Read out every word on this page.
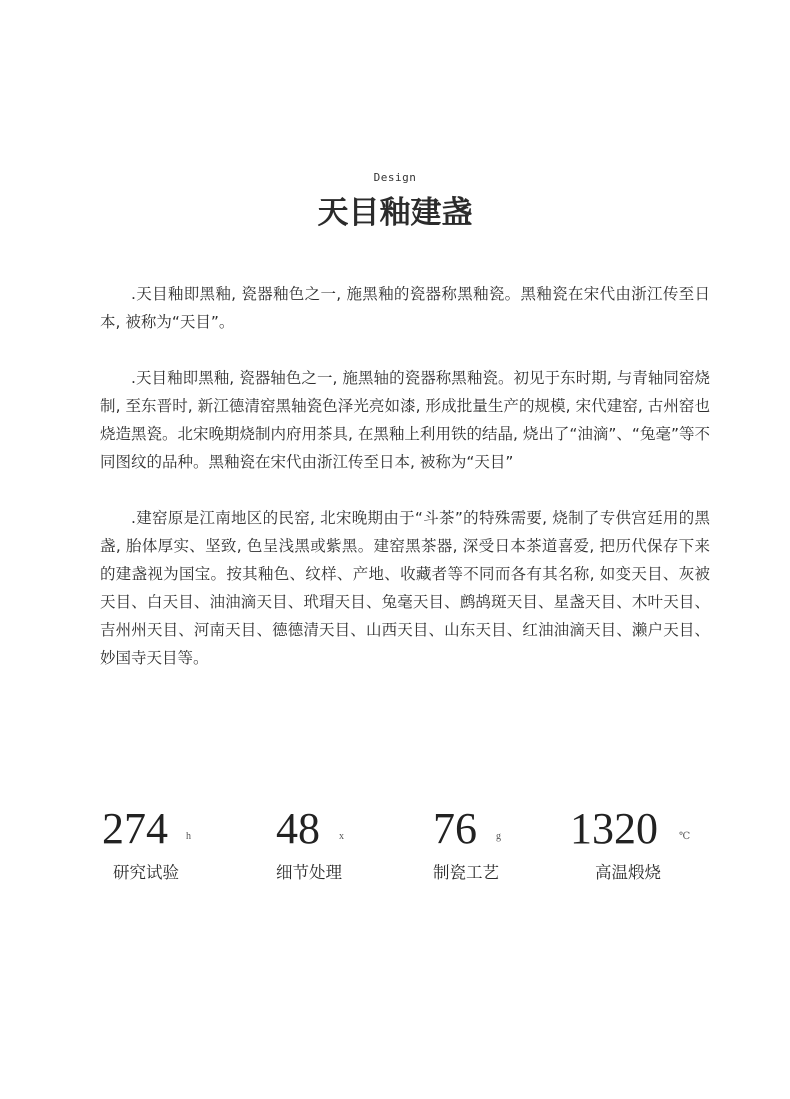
Design
天目釉建盏

.天目釉即黑釉, 瓷器釉色之一, 施黑釉的瓷器称黑釉瓷。黑釉瓷在宋代由浙江传至日本, 被称为“天目”。

.天目釉即黑釉, 瓷器轴色之一, 施黑轴的瓷器称黑釉瓷。初见于东时期, 与青轴同窑烧制, 至东晋时, 新江德清窑黑轴瓷色泽光亮如漆, 形成批量生产的规模, 宋代建窑, 古州窑也烧造黑瓷。北宋晚期烧制内府用茶具, 在黑釉上利用铁的结晶, 烧出了“油滴”、“兔毫”等不同图纹的品种。黑釉瓷在宋代由浙江传至日本, 被称为“天目”

.建窑原是江南地区的民窑, 北宋晚期由于“斗茶”的特殊需要, 烧制了专供宫廷用的黑盏, 胎体厚实、坚致, 色呈浅黑或紫黑。建窑黑茶器, 深受日本茶道喜爱, 把历代保存下来的建盏视为国宝。按其釉色、纹样、产地、收藏者等不同而各有其名称, 如变天目、灰被天目、白天目、油油滴天目、玳瑁天目、兔毫天目、鹧鸪斑天目、星盏天目、木叶天目、吉州州天目、河南天目、德德清天目、山西天目、山东天目、红油油滴天目、濑户天目、妙国寺天目等。

274 h
研究试验
48 x
细节处理
76 g
制瓷工艺
1320 ℃
高温煅烧
